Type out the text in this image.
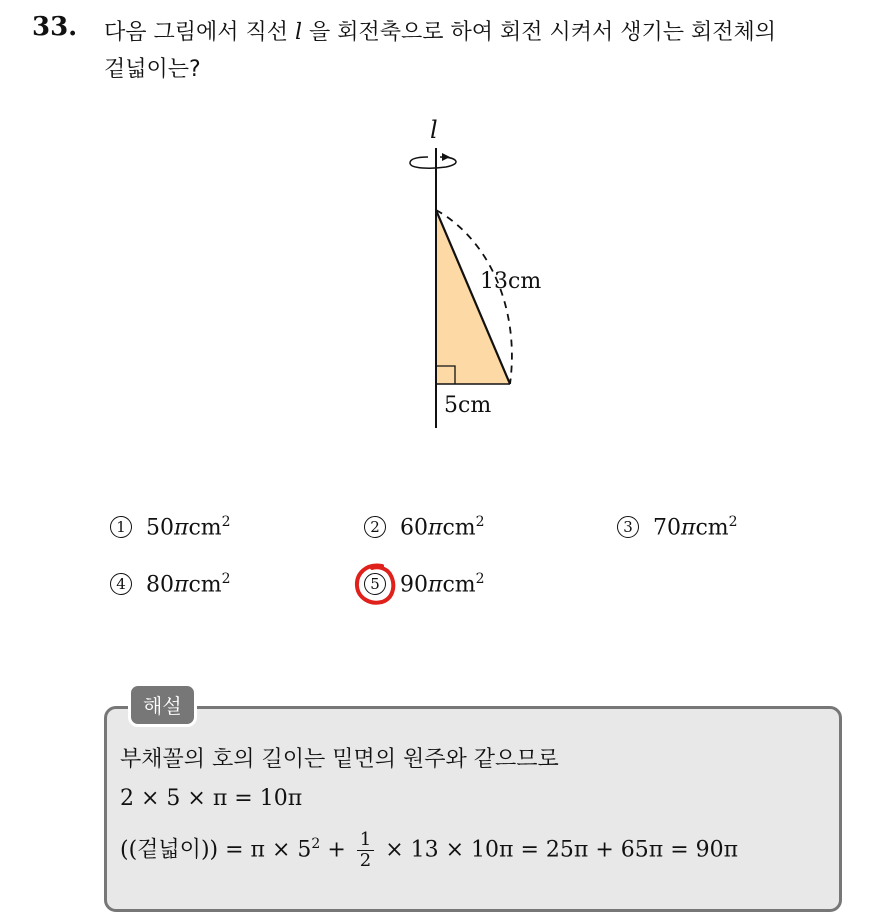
33. 다음 그림에서 직선 l 을 회전축으로 하여 회전 시켜서 생기는 회전체의
겉넓이는?
l
13cm
5cm
1 50πcm$^2$	2 60πcm$^2$	3 70πcm$^2$
4 80πcm$^2$	5 90πcm$^2$
해설
부채꼴의 호의 길이는 밑면의 원주와 같으므로
2 × 5 × π = 10π
((겉넓이)) = $\pi \times 5^2 + \frac{1}{2} \times 13 \times 10\pi = 25\pi + 65\pi = 90\pi$
